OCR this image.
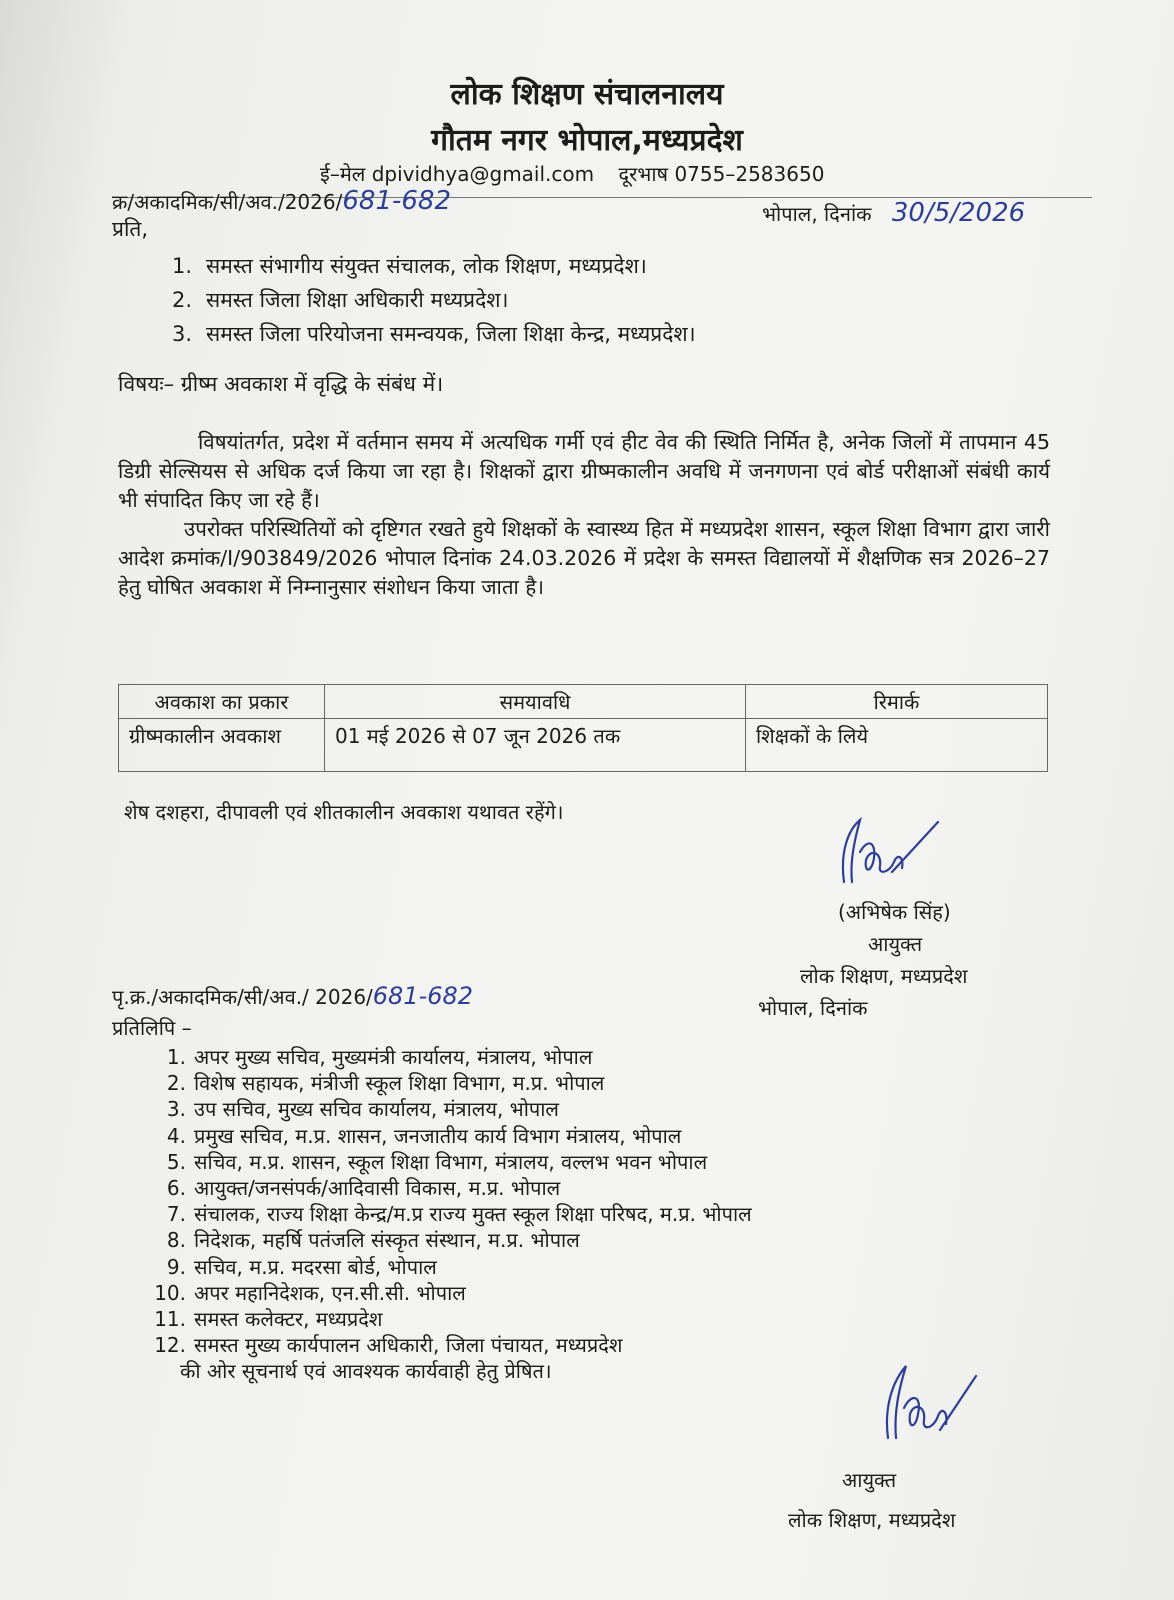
लोक शिक्षण संचालनालय
गौतम नगर भोपाल,मध्यप्रदेश
ई–मेल dpividhya@gmail.com दूरभाष 0755–2583650
क्र/अकादमिक/सी/अव./2026/681-682	भोपाल, दिनांक 30/5/2026
प्रति,
1. समस्त संभागीय संयुक्त संचालक, लोक शिक्षण, मध्यप्रदेश।
2. समस्त जिला शिक्षा अधिकारी मध्यप्रदेश।
3. समस्त जिला परियोजना समन्वयक, जिला शिक्षा केन्द्र, मध्यप्रदेश।
विषयः– ग्रीष्म अवकाश में वृद्धि के संबंध में।
विषयांतर्गत, प्रदेश में वर्तमान समय में अत्यधिक गर्मी एवं हीट वेव की स्थिति निर्मित है, अनेक जिलों में तापमान 45 डिग्री सेल्सियस से अधिक दर्ज किया जा रहा है। शिक्षकों द्वारा ग्रीष्मकालीन अवधि में जनगणना एवं बोर्ड परीक्षाओं संबंधी कार्य भी संपादित किए जा रहे हैं।
उपरोक्त परिस्थितियों को दृष्टिगत रखते हुये शिक्षकों के स्वास्थ्य हित में मध्यप्रदेश शासन, स्कूल शिक्षा विभाग द्वारा जारी आदेश क्रमांक/I/903849/2026 भोपाल दिनांक 24.03.2026 में प्रदेश के समस्त विद्यालयों में शैक्षणिक सत्र 2026–27 हेतु घोषित अवकाश में निम्नानुसार संशोधन किया जाता है।
अवकाश का प्रकार	समयावधि	रिमार्क
ग्रीष्मकालीन अवकाश	01 मई 2026 से 07 जून 2026 तक	शिक्षकों के लिये
शेष दशहरा, दीपावली एवं शीतकालीन अवकाश यथावत रहेंगे।
(अभिषेक सिंह)
आयुक्त
लोक शिक्षण, मध्यप्रदेश
पृ.क्र./अकादमिक/सी/अव./ 2026/681-682	भोपाल, दिनांक
प्रतिलिपि –
1. अपर मुख्य सचिव, मुख्यमंत्री कार्यालय, मंत्रालय, भोपाल
2. विशेष सहायक, मंत्रीजी स्कूल शिक्षा विभाग, म.प्र. भोपाल
3. उप सचिव, मुख्य सचिव कार्यालय, मंत्रालय, भोपाल
4. प्रमुख सचिव, म.प्र. शासन, जनजातीय कार्य विभाग मंत्रालय, भोपाल
5. सचिव, म.प्र. शासन, स्कूल शिक्षा विभाग, मंत्रालय, वल्लभ भवन भोपाल
6. आयुक्त/जनसंपर्क/आदिवासी विकास, म.प्र. भोपाल
7. संचालक, राज्य शिक्षा केन्द्र/म.प्र राज्य मुक्त स्कूल शिक्षा परिषद, म.प्र. भोपाल
8. निदेशक, महर्षि पतंजलि संस्कृत संस्थान, म.प्र. भोपाल
9. सचिव, म.प्र. मदरसा बोर्ड, भोपाल
10. अपर महानिदेशक, एन.सी.सी. भोपाल
11. समस्त कलेक्टर, मध्यप्रदेश
12. समस्त मुख्य कार्यपालन अधिकारी, जिला पंचायत, मध्यप्रदेश
की ओर सूचनार्थ एवं आवश्यक कार्यवाही हेतु प्रेषित।
आयुक्त
लोक शिक्षण, मध्यप्रदेश
